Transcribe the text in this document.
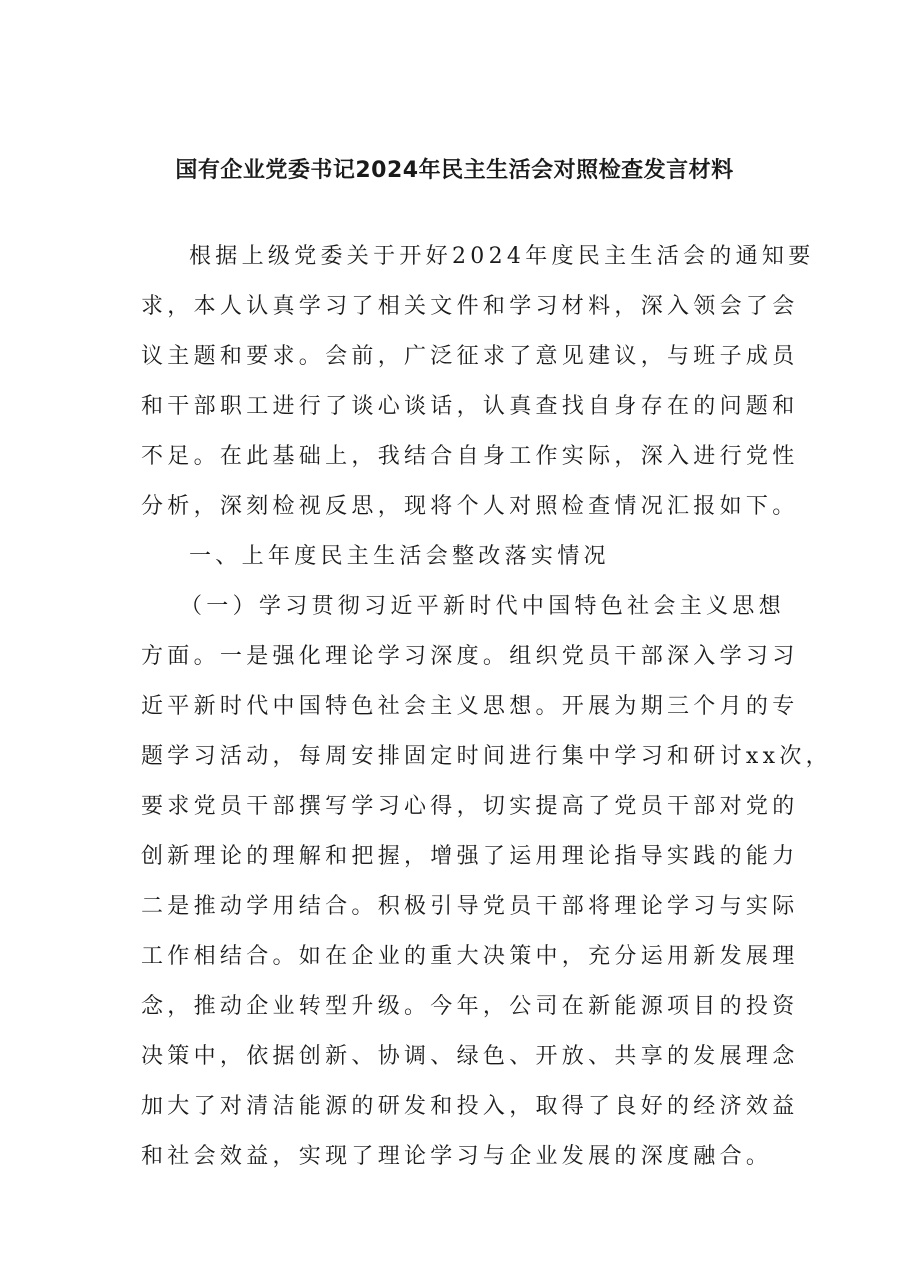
国有企业党委书记2024年民主生活会对照检查发言材料
根据上级党委关于开好2024年度民主生活会的通知要
求，本人认真学习了相关文件和学习材料，深入领会了会
议主题和要求。会前，广泛征求了意见建议，与班子成员
和干部职工进行了谈心谈话，认真查找自身存在的问题和
不足。在此基础上，我结合自身工作实际，深入进行党性
分析，深刻检视反思，现将个人对照检查情况汇报如下。
一、上年度民主生活会整改落实情况
（一）学习贯彻习近平新时代中国特色社会主义思想
方面。一是强化理论学习深度。组织党员干部深入学习习
近平新时代中国特色社会主义思想。开展为期三个月的专
题学习活动，每周安排固定时间进行集中学习和研讨xx次，
要求党员干部撰写学习心得，切实提高了党员干部对党的
创新理论的理解和把握，增强了运用理论指导实践的能力
二是推动学用结合。积极引导党员干部将理论学习与实际
工作相结合。如在企业的重大决策中，充分运用新发展理
念，推动企业转型升级。今年，公司在新能源项目的投资
决策中，依据创新、协调、绿色、开放、共享的发展理念
加大了对清洁能源的研发和投入，取得了良好的经济效益
和社会效益，实现了理论学习与企业发展的深度融合。
